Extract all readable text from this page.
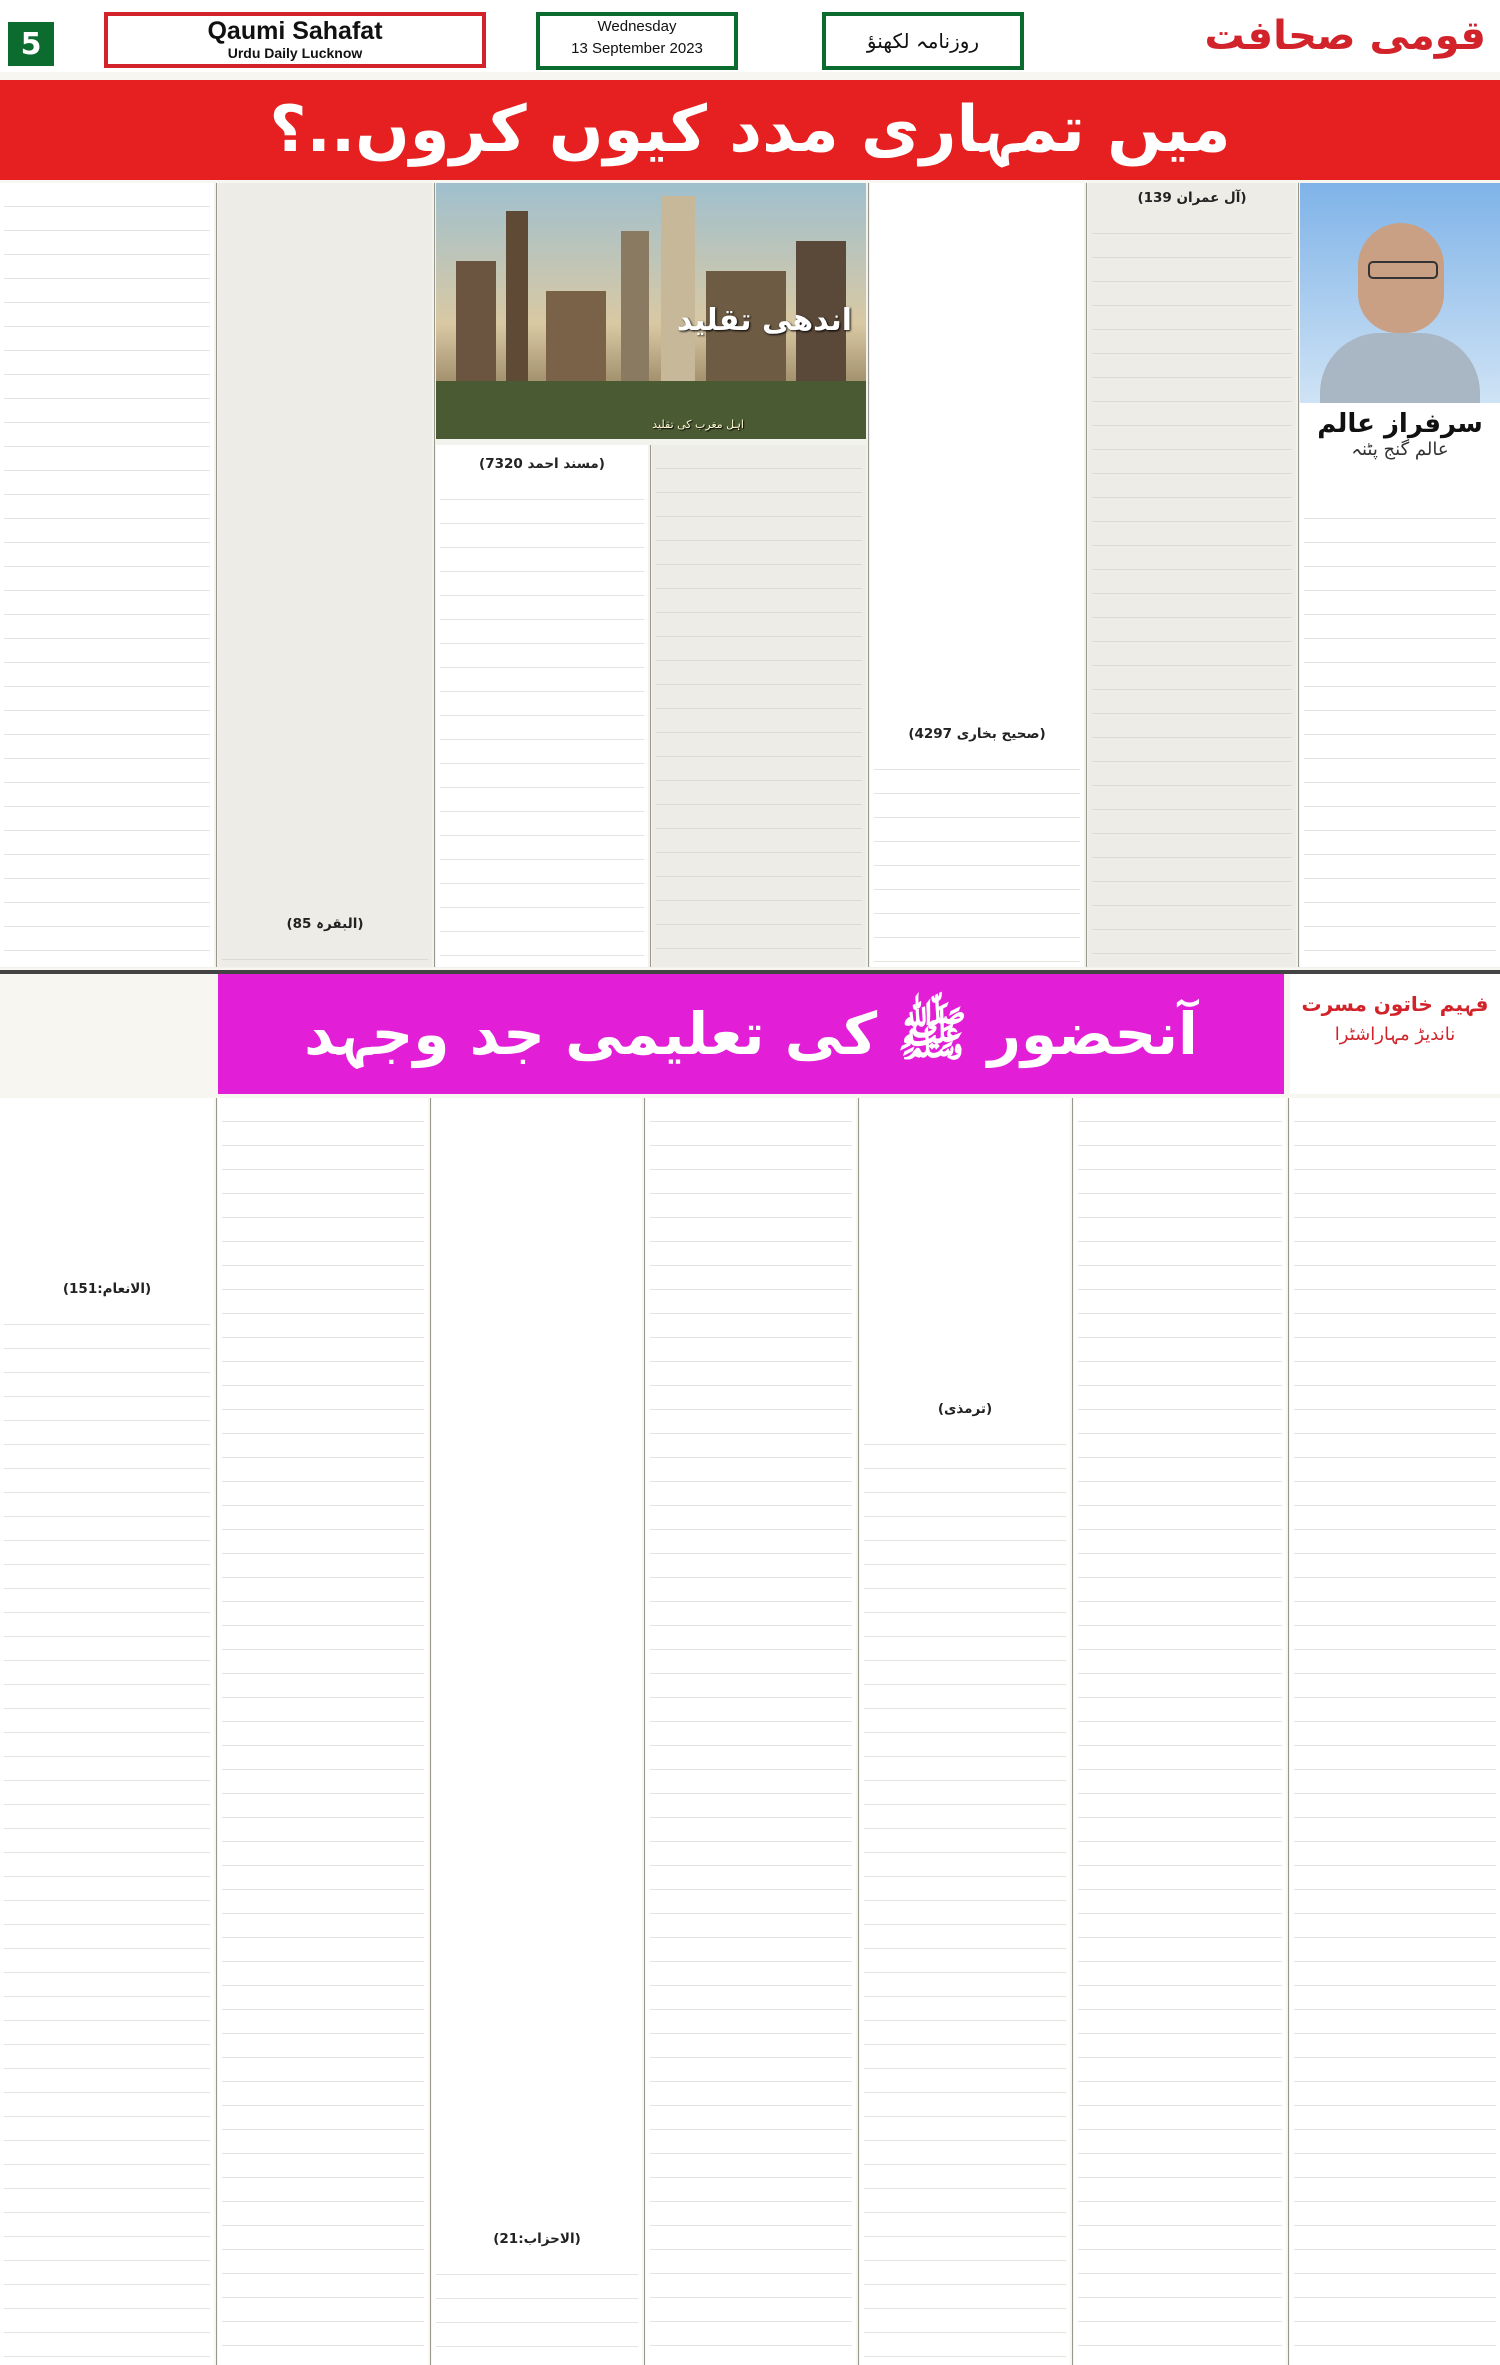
5	Qaumi Sahafat
Urdu Daily Lucknow
Wednesday
13 September 2023	روزنامہ لکھنؤ	قومی صحافت
میں تمہاری مدد کیوں کروں..؟
(آل عمران 139)
(صحیح بخاری 4297)
(مسند احمد 7320)
(البقرہ 85)
سرفراز عالم
عالم گنج پٹنہ
اندھی تقلید
اہل مغرب کی تقلید
آنحضور ﷺ کی تعلیمی جد وجہد	فہیم خاتون مسرت
ناندیڑ مہاراشٹرا
(ترمذی)
(الاحزاب:21)
(الانعام:151)
